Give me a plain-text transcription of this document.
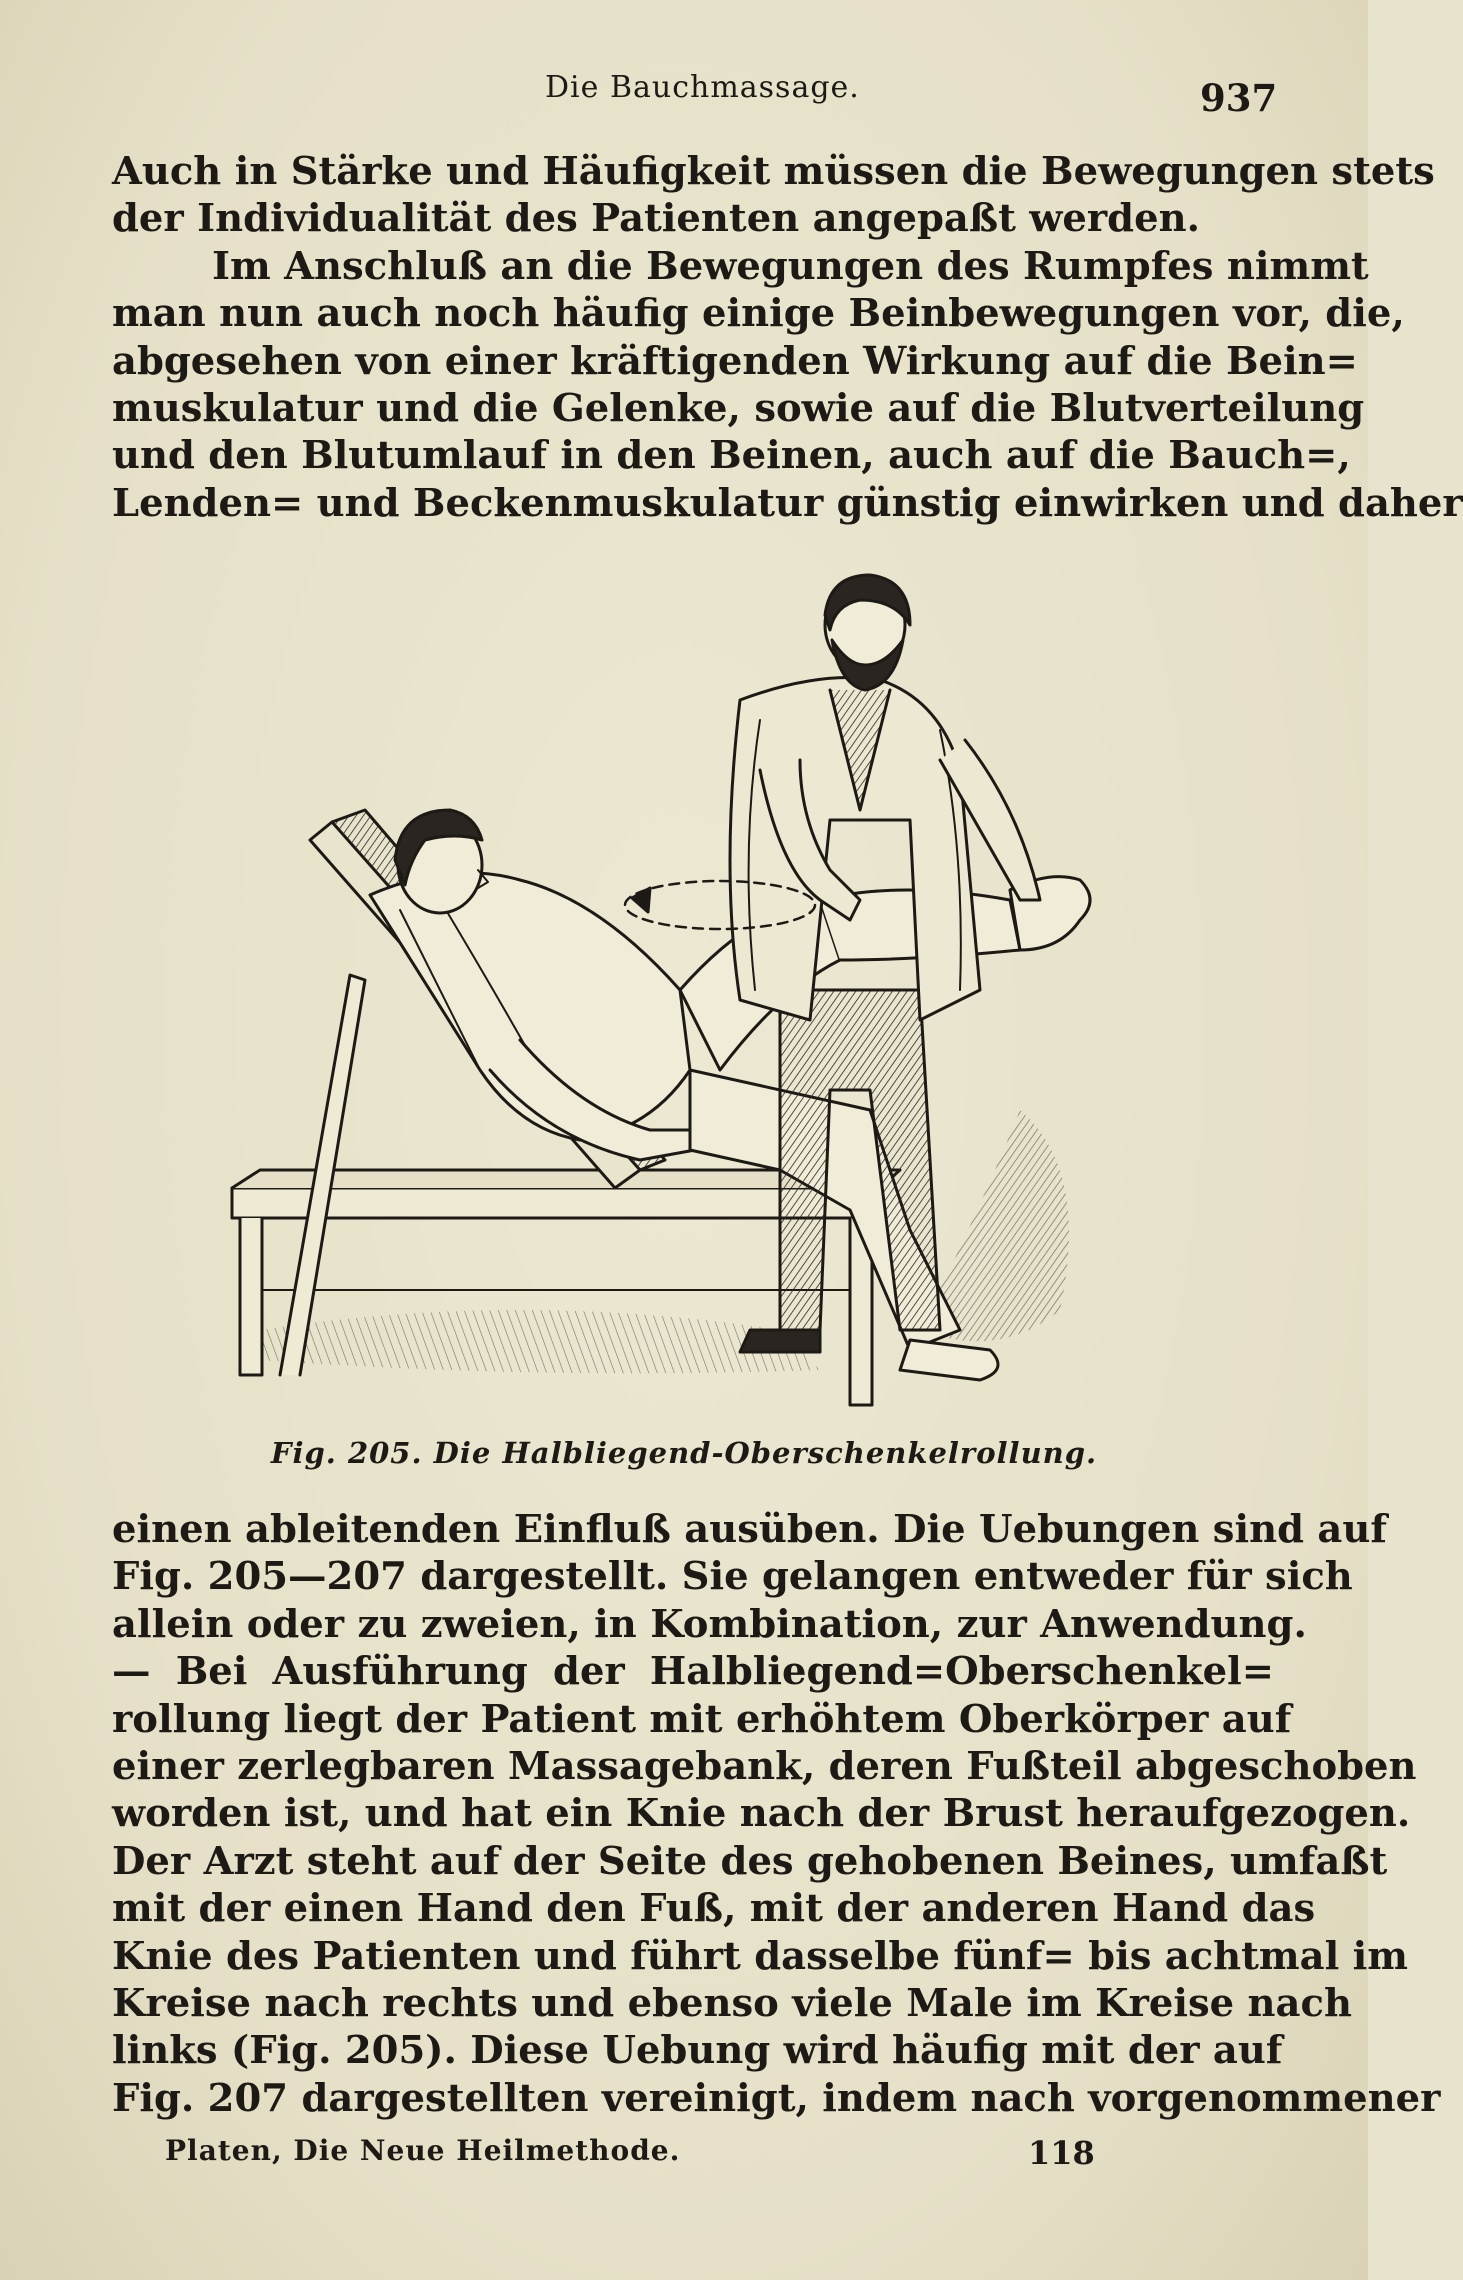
Die Bauchmassage.	937
Auch in Stärke und Häufigkeit müssen die Bewegungen stets
der Individualität des Patienten angepaßt werden.
Im Anschluß an die Bewegungen des Rumpfes nimmt
man nun auch noch häufig einige Beinbewegungen vor, die,
abgesehen von einer kräftigenden Wirkung auf die Bein=
muskulatur und die Gelenke, sowie auf die Blutverteilung
und den Blutumlauf in den Beinen, auch auf die Bauch=,
Lenden= und Beckenmuskulatur günstig einwirken und daher
Fig. 205. Die Halbliegend-Oberschenkelrollung.
einen ableitenden Einfluß ausüben. Die Uebungen sind auf
Fig. 205—207 dargestellt. Sie gelangen entweder für sich
allein oder zu zweien, in Kombination, zur Anwendung.
— Bei Ausführung der Halbliegend=Oberschenkel=
rollung liegt der Patient mit erhöhtem Oberkörper auf
einer zerlegbaren Massagebank, deren Fußteil abgeschoben
worden ist, und hat ein Knie nach der Brust heraufgezogen.
Der Arzt steht auf der Seite des gehobenen Beines, umfaßt
mit der einen Hand den Fuß, mit der anderen Hand das
Knie des Patienten und führt dasselbe fünf= bis achtmal im
Kreise nach rechts und ebenso viele Male im Kreise nach
links (Fig. 205). Diese Uebung wird häufig mit der auf
Fig. 207 dargestellten vereinigt, indem nach vorgenommener
Platen, Die Neue Heilmethode.	118
